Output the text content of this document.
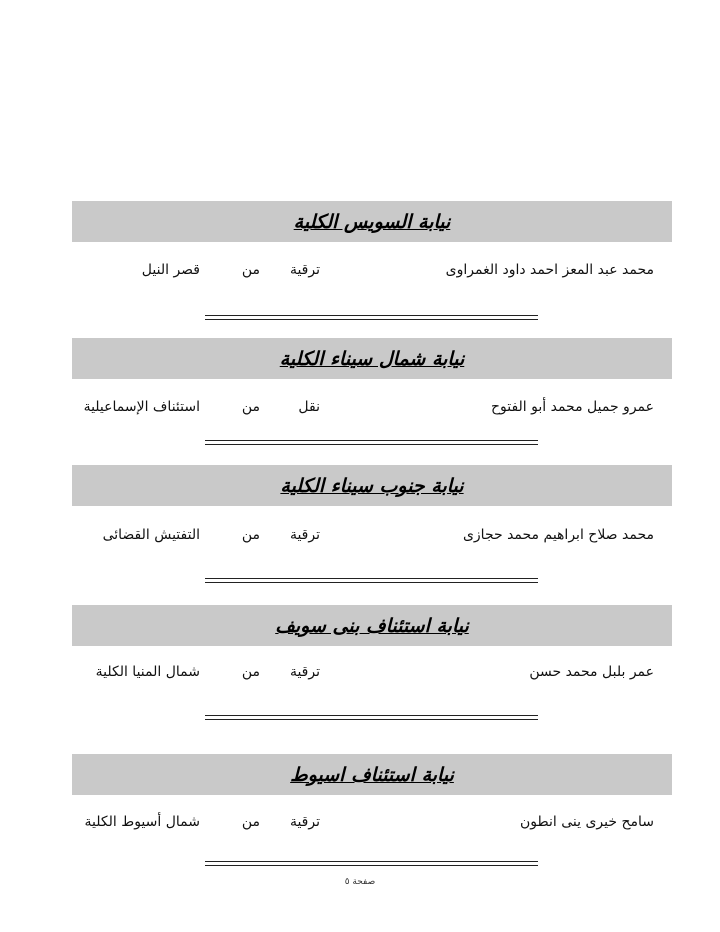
نيابة السويس الكلية
محمد عبد المعز احمد داود الغمراوى
ترقية
من
قصر النيل
نيابة شمال سيناء الكلية
عمرو جميل محمد أبو الفتوح
نقل
من
استئناف الإسماعيلية
نيابة جنوب سيناء الكلية
محمد صلاح ابراهيم محمد حجازى
ترقية
من
التفتيش القضائى
نيابة استئناف بنى سويف
عمر بلبل محمد حسن
ترقية
من
شمال المنيا الكلية
نيابة استئناف اسيوط
سامح خيرى ينى انطون
ترقية
من
شمال أسيوط الكلية
صفحة ٥
